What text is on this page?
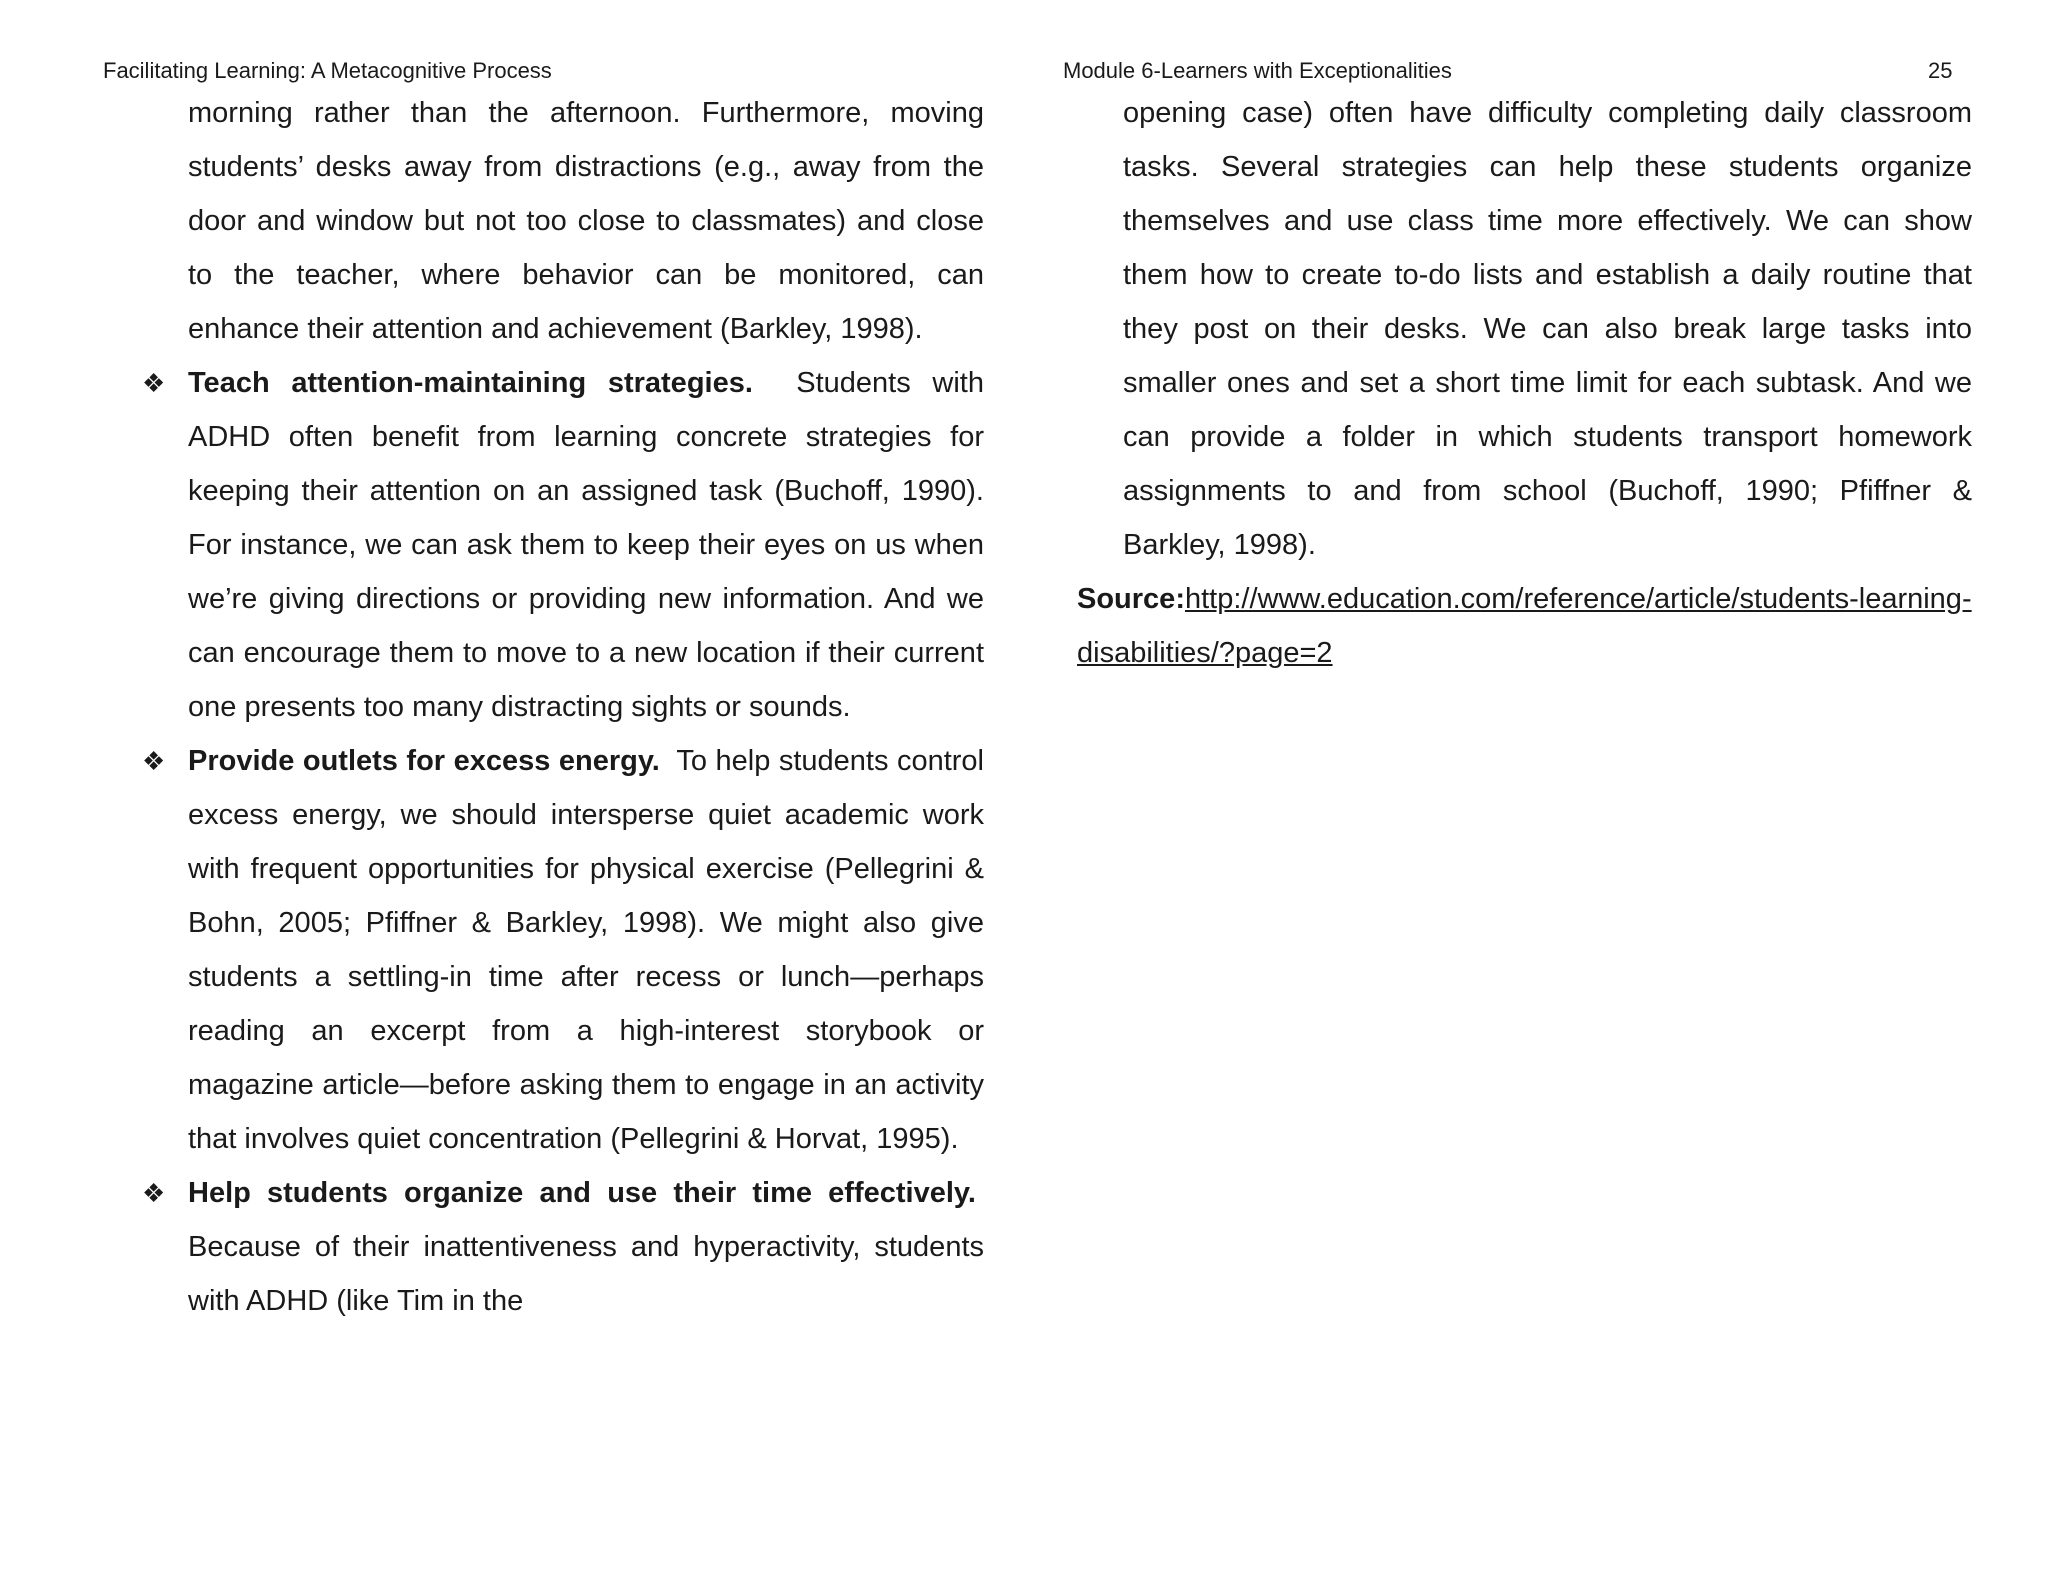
Facilitating Learning: A Metacognitive Process	Module 6-Learners with Exceptionalities	25
morning rather than the afternoon. Furthermore, moving students’ desks away from distractions (e.g., away from the door and window but not too close to classmates) and close to the teacher, where behavior can be monitored, can enhance their attention and achievement (Barkley, 1998).
❖ Teach attention-maintaining strategies. Students with ADHD often benefit from learning concrete strategies for keeping their attention on an assigned task (Buchoff, 1990). For instance, we can ask them to keep their eyes on us when we’re giving directions or providing new information. And we can encourage them to move to a new location if their current one presents too many distracting sights or sounds.
❖ Provide outlets for excess energy. To help students control excess energy, we should intersperse quiet academic work with frequent opportunities for physical exercise (Pellegrini & Bohn, 2005; Pfiffner & Barkley, 1998). We might also give students a settling-in time after recess or lunch—perhaps reading an excerpt from a high-interest storybook or magazine article—before asking them to engage in an activity that involves quiet concentration (Pellegrini & Horvat, 1995).
❖ Help students organize and use their time effectively.  Because of their inattentiveness and hyperactivity, students with ADHD (like Tim in the
opening case) often have difficulty completing daily classroom tasks. Several strategies can help these students organize themselves and use class time more effectively. We can show them how to create to-do lists and establish a daily routine that they post on their desks. We can also break large tasks into smaller ones and set a short time limit for each subtask. And we can provide a folder in which students transport homework assignments to and from school (Buchoff, 1990; Pfiffner & Barkley, 1998).
Source:http://www.education.com/reference/article/students-learning-disabilities/?page=2
